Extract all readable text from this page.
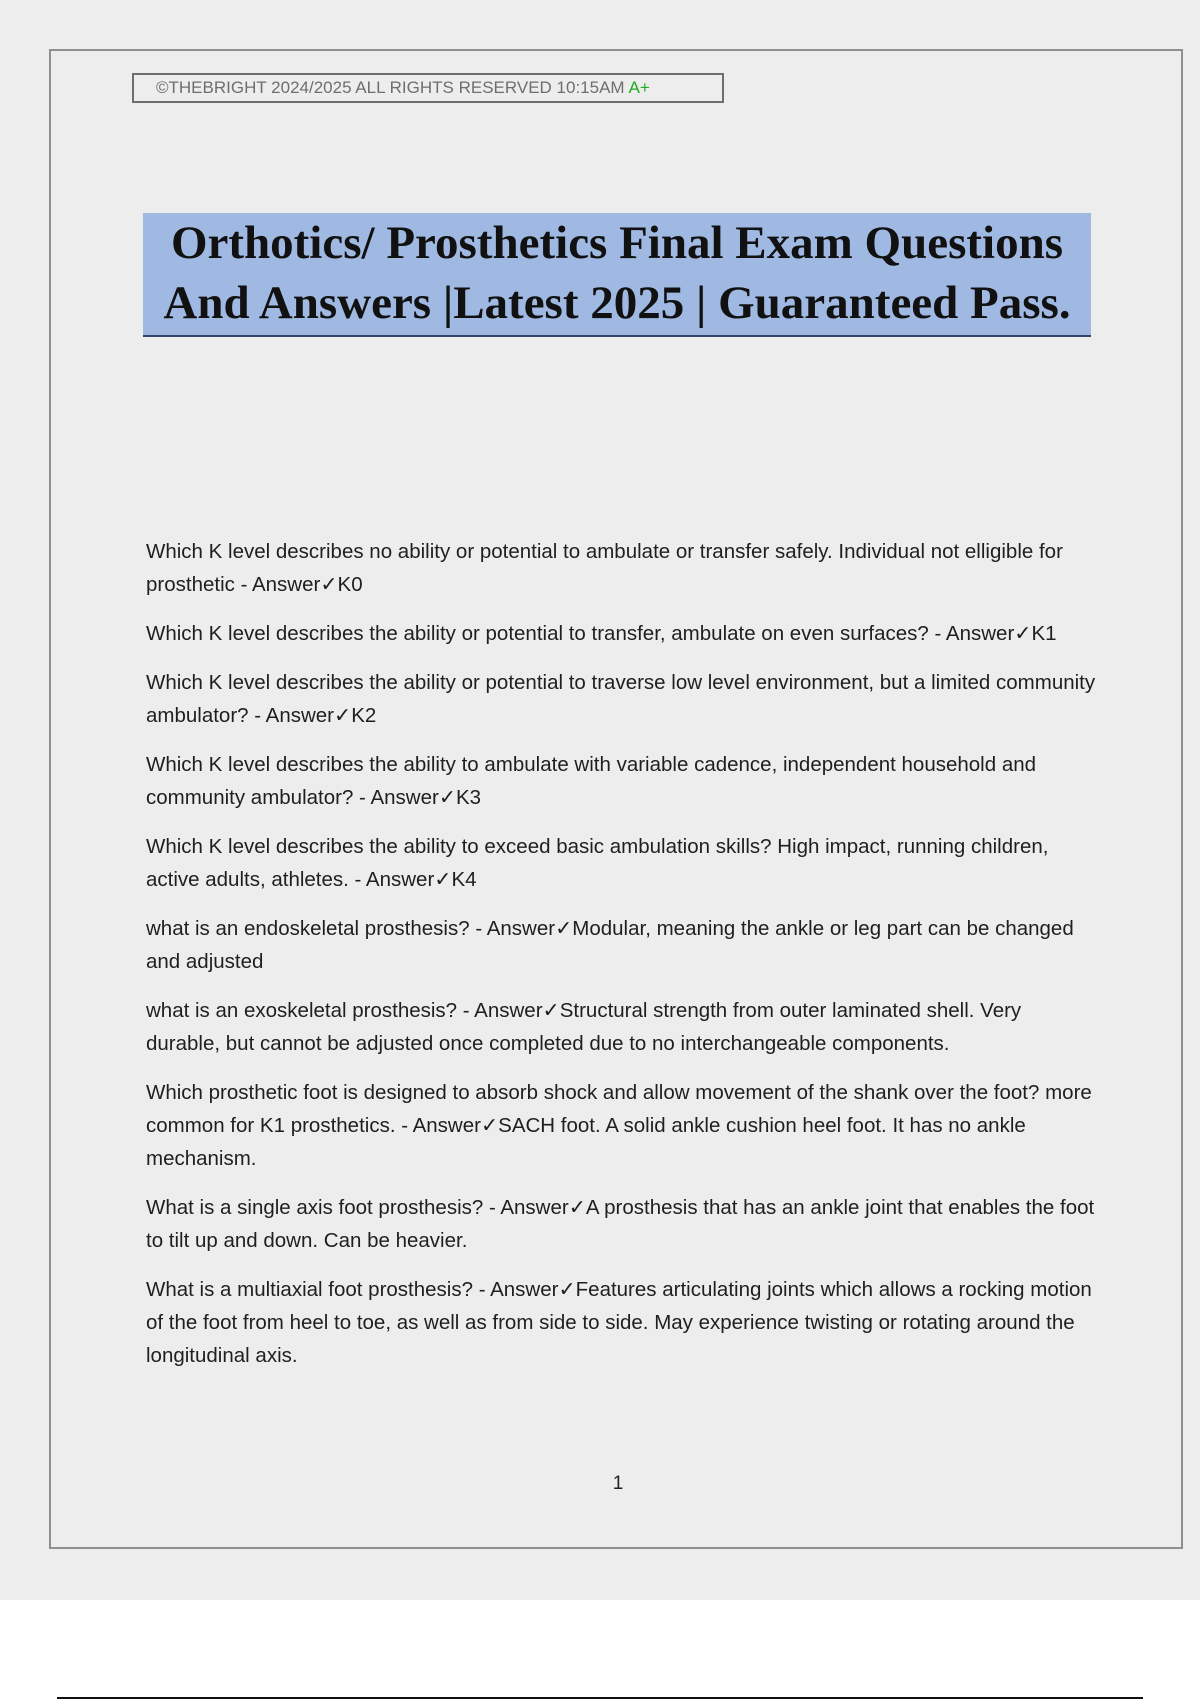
©THEBRIGHT 2024/2025 ALL RIGHTS RESERVED 10:15AM A+
Orthotics/ Prosthetics Final Exam Questions
And Answers |Latest 2025 | Guaranteed Pass.

Which K level describes no ability or potential to ambulate or transfer safely. Individual not elligible for prosthetic - Answer✓K0

Which K level describes the ability or potential to transfer, ambulate on even surfaces? - Answer✓K1

Which K level describes the ability or potential to traverse low level environment, but a limited community ambulator? - Answer✓K2

Which K level describes the ability to ambulate with variable cadence, independent household and community ambulator? - Answer✓K3

Which K level describes the ability to exceed basic ambulation skills? High impact, running children, active adults, athletes. - Answer✓K4

what is an endoskeletal prosthesis? - Answer✓Modular, meaning the ankle or leg part can be changed and adjusted

what is an exoskeletal prosthesis? - Answer✓Structural strength from outer laminated shell. Very durable, but cannot be adjusted once completed due to no interchangeable components.

Which prosthetic foot is designed to absorb shock and allow movement of the shank over the foot? more common for K1 prosthetics. - Answer✓SACH foot. A solid ankle cushion heel foot. It has no ankle mechanism.

What is a single axis foot prosthesis? - Answer✓A prosthesis that has an ankle joint that enables the foot to tilt up and down. Can be heavier.

What is a multiaxial foot prosthesis? - Answer✓Features articulating joints which allows a rocking motion of the foot from heel to toe, as well as from side to side. May experience twisting or rotating around the longitudinal axis.

1
